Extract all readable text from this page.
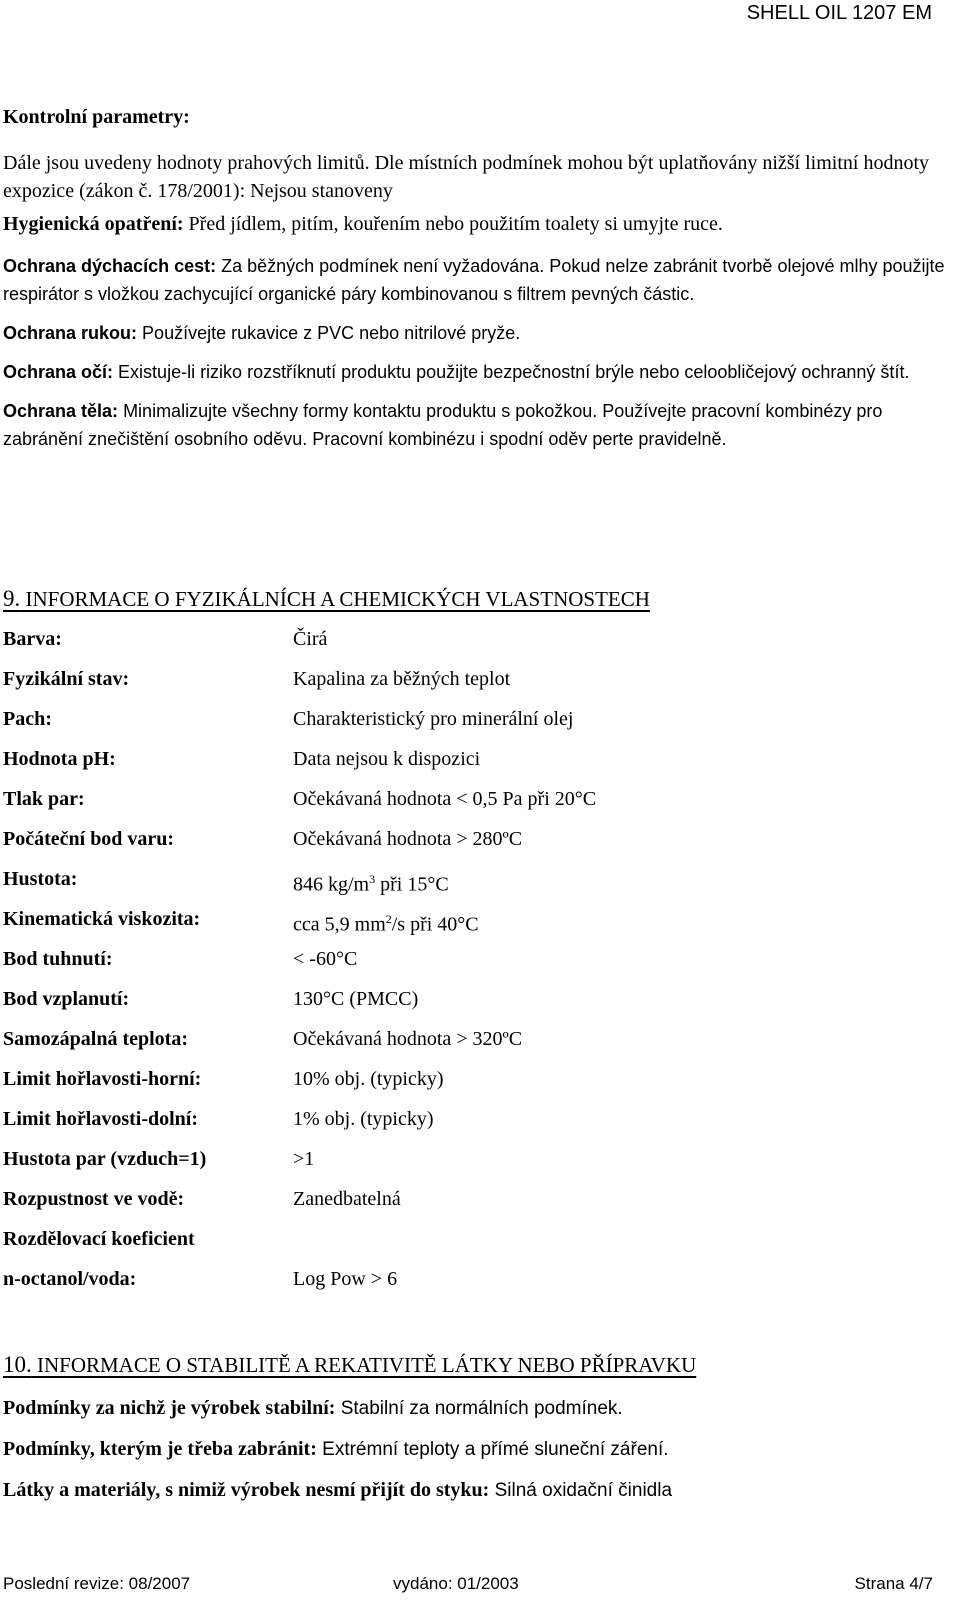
SHELL OIL 1207 EM
Kontrolní parametry:

Dále jsou uvedeny hodnoty prahových limitů. Dle místních podmínek mohou být uplatňovány nižší limitní hodnoty expozice (zákon č. 178/2001): Nejsou stanoveny

Hygienická opatření: Před jídlem, pitím, kouřením nebo použitím toalety si umyjte ruce.

Ochrana dýchacích cest: Za běžných podmínek není vyžadována. Pokud nelze zabránit tvorbě olejové mlhy použijte respirátor s vložkou zachycující organické páry kombinovanou s filtrem pevných částic.

Ochrana rukou: Používejte rukavice z PVC nebo nitrilové pryže.

Ochrana očí: Existuje-li riziko rozstříknutí produktu použijte bezpečnostní brýle nebo celoobličejový ochranný štít.

Ochrana těla: Minimalizujte všechny formy kontaktu produktu s pokožkou. Používejte pracovní kombinézy pro zabránění znečištění osobního oděvu. Pracovní kombinézu i spodní oděv perte pravidelně.

9. INFORMACE O FYZIKÁLNÍCH A CHEMICKÝCH VLASTNOSTECH
Barva:	Čirá
Fyzikální stav:	Kapalina za běžných teplot
Pach:	Charakteristický pro minerální olej
Hodnota pH:	Data nejsou k dispozici
Tlak par:	Očekávaná hodnota < 0,5 Pa při 20°C
Počáteční bod varu:	Očekávaná hodnota > 280ºC
Hustota:	846 $kg/m^3$ při 15°C
Kinematická viskozita:	cca 5,9 $mm^2/s$ při 40°C
Bod tuhnutí:	< -60°C
Bod vzplanutí:	130°C (PMCC)
Samozápalná teplota:	Očekávaná hodnota > 320ºC
Limit hořlavosti-horní:	10% obj. (typicky)
Limit hořlavosti-dolní:	1% obj. (typicky)
Hustota par (vzduch=1)	>1
Rozpustnost ve vodě:	Zanedbatelná
Rozdělovací koeficient
n-octanol/voda:	Log Pow > 6
10. INFORMACE O STABILITĚ A REKATIVITĚ LÁTKY NEBO PŘÍPRAVKU

Podmínky za nichž je výrobek stabilní: Stabilní za normálních podmínek.

Podmínky, kterým je třeba zabránit: Extrémní teploty a přímé sluneční záření.

Látky a materiály, s nimiž výrobek nesmí přijít do styku: Silná oxidační činidla

Poslední revize: 08/2007	vydáno: 01/2003	Strana 4/7
